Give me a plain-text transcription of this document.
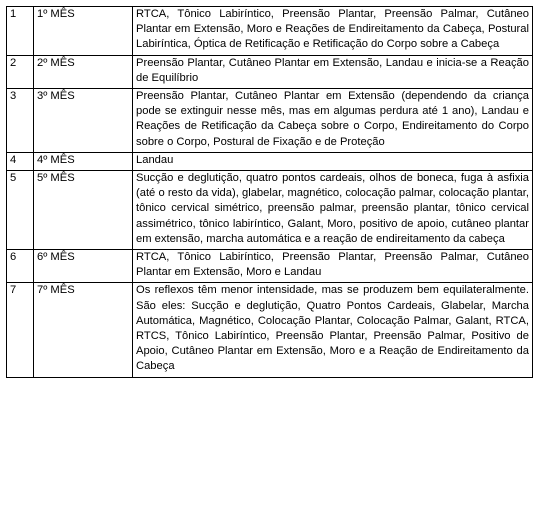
1	1º MÊS	RTCA, Tônico Labiríntico, Preensão Plantar, Preensão Palmar, Cutâneo Plantar em Extensão, Moro e Reações de Endireitamento da Cabeça, Postural Labiríntica, Óptica de Retificação e Retificação do Corpo sobre a Cabeça
2	2º MÊS	Preensão Plantar, Cutâneo Plantar em Extensão, Landau e inicia-se a Reação de Equilíbrio
3	3º MÊS	Preensão Plantar, Cutâneo Plantar em Extensão (dependendo da criança pode se extinguir nesse mês, mas em algumas perdura até 1 ano), Landau e Reações de Retificação da Cabeça sobre o Corpo, Endireitamento do Corpo sobre o Corpo, Postural de Fixação e de Proteção
4	4º MÊS	Landau
5	5º MÊS	Sucção e deglutição, quatro pontos cardeais, olhos de boneca, fuga à asfixia (até o resto da vida), glabelar, magnético, colocação palmar, colocação plantar, tônico cervical simétrico, preensão palmar, preensão plantar, tônico cervical assimétrico, tônico labiríntico, Galant, Moro, positivo de apoio, cutâneo plantar em extensão, marcha automática e a reação de endireitamento da cabeça
6	6º MÊS	RTCA, Tônico Labiríntico, Preensão Plantar, Preensão Palmar, Cutâneo Plantar em Extensão, Moro e Landau
7	7º MÊS	Os reflexos têm menor intensidade, mas se produzem bem equilateralmente. São eles: Sucção e deglutição, Quatro Pontos Cardeais, Glabelar, Marcha Automática, Magnético, Colocação Plantar, Colocação Palmar, Galant, RTCA, RTCS, Tônico Labiríntico, Preensão Plantar, Preensão Palmar, Positivo de Apoio, Cutâneo Plantar em Extensão, Moro e a Reação de Endireitamento da Cabeça
